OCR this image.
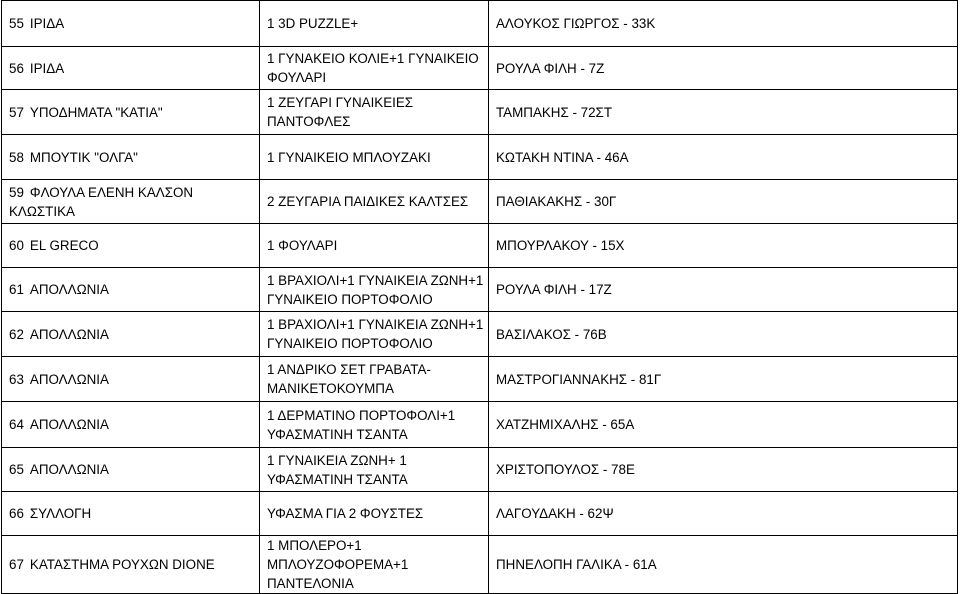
55 ΙΡΙΔΑ	1 3D PUZZLE+	ΑΛΟΥΚΟΣ ΓΙΩΡΓΟΣ - 33Κ
56 ΙΡΙΔΑ	1 ΓΥΝΑΚΕΙΟ ΚΟΛΙΕ+1 ΓΥΝΑΙΚΕΙΟ ΦΟΥΛΑΡΙ	ΡΟΥΛΑ ΦΙΛΗ - 7Ζ
57 ΥΠΟΔΗΜΑΤΑ "ΚΑΤΙΑ"	1 ΖΕΥΓΑΡΙ ΓΥΝΑΙΚΕΙΕΣ ΠΑΝΤΟΦΛΕΣ	ΤΑΜΠΑΚΗΣ - 72ΣΤ
58 ΜΠΟΥΤΙΚ "ΟΛΓΑ"	1 ΓΥΝΑΙΚΕΙΟ ΜΠΛΟΥΖΑΚΙ	ΚΩΤΑΚΗ ΝΤΙΝΑ - 46Α
59 ΦΛΟΥΛΑ ΕΛΕΝΗ ΚΑΛΣΟΝ ΚΛΩΣΤΙΚΑ	2 ΖΕΥΓΑΡΙΑ ΠΑΙΔΙΚΕΣ ΚΑΛΤΣΕΣ	ΠΑΘΙΑΚΑΚΗΣ - 30Γ
60 EL GRECO	1 ΦΟΥΛΑΡΙ	ΜΠΟΥΡΛΑΚΟΥ - 15Χ
61 ΑΠΟΛΛΩΝΙΑ	1 ΒΡΑΧΙΟΛΙ+1 ΓΥΝΑΙΚΕΙΑ ΖΩΝΗ+1 ΓΥΝΑΙΚΕΙΟ ΠΟΡΤΟΦΟΛΙΟ	ΡΟΥΛΑ ΦΙΛΗ - 17Ζ
62 ΑΠΟΛΛΩΝΙΑ	1 ΒΡΑΧΙΟΛΙ+1 ΓΥΝΑΙΚΕΙΑ ΖΩΝΗ+1 ΓΥΝΑΙΚΕΙΟ ΠΟΡΤΟΦΟΛΙΟ	ΒΑΣΙΛΑΚΟΣ - 76Β
63 ΑΠΟΛΛΩΝΙΑ	1 ΑΝΔΡΙΚΟ ΣΕΤ ΓΡΑΒΑΤΑ-ΜΑΝΙΚΕΤΟΚΟΥΜΠΑ	ΜΑΣΤΡΟΓΙΑΝΝΑΚΗΣ - 81Γ
64 ΑΠΟΛΛΩΝΙΑ	1 ΔΕΡΜΑΤΙΝΟ ΠΟΡΤΟΦΟΛΙ+1 ΥΦΑΣΜΑΤΙΝΗ ΤΣΑΝΤΑ	ΧΑΤΖΗΜΙΧΑΛΗΣ - 65Α
65 ΑΠΟΛΛΩΝΙΑ	1 ΓΥΝΑΙΚΕΙΑ ΖΩΝΗ+ 1 ΥΦΑΣΜΑΤΙΝΗ ΤΣΑΝΤΑ	ΧΡΙΣΤΟΠΟΥΛΟΣ - 78Ε
66 ΣΥΛΛΟΓΗ	ΥΦΑΣΜΑ ΓΙΑ 2 ΦΟΥΣΤΕΣ	ΛΑΓΟΥΔΑΚΗ - 62Ψ
67 ΚΑΤΑΣΤΗΜΑ ΡΟΥΧΩΝ DIONE	1 ΜΠΟΛΕΡΟ+1 ΜΠΛΟΥΖΟΦΟΡΕΜΑ+1 ΠΑΝΤΕΛΟΝΙΑ	ΠΗΝΕΛΟΠΗ ΓΑΛΙΚΑ - 61Α
